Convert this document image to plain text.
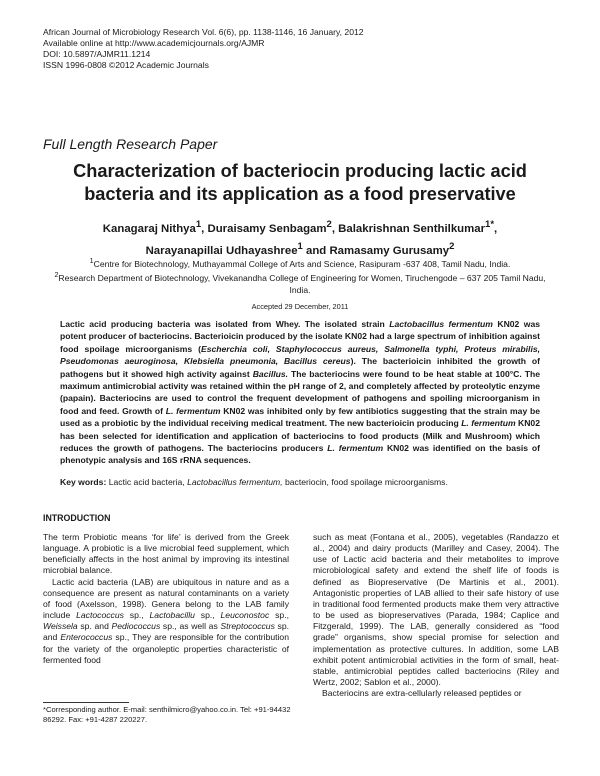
African Journal of Microbiology Research Vol. 6(6), pp. 1138-1146, 16 January, 2012
Available online at http://www.academicjournals.org/AJMR
DOI: 10.5897/AJMR11.1214
ISSN 1996-0808 ©2012 Academic Journals
Full Length Research Paper
Characterization of bacteriocin producing lactic acid
bacteria and its application as a food preservative
Kanagaraj Nithya$^1$, Duraisamy Senbagam$^2$, Balakrishnan Senthilkumar$^{1*}$,
Narayanapillai Udhayashree$^1$ and Ramasamy Gurusamy$^2$
$^1$Centre for Biotechnology, Muthayammal College of Arts and Science, Rasipuram -637 408, Tamil Nadu, India.
$^2$Research Department of Biotechnology, Vivekanandha College of Engineering for Women, Tiruchengode – 637 205 Tamil Nadu, India.
Accepted 29 December, 2011
Lactic acid producing bacteria was isolated from Whey. The isolated strain Lactobacillus fermentum KN02 was potent producer of bacteriocins. Bacterioicin produced by the isolate KN02 had a large spectrum of inhibition against food spoilage microorganisms (Escherchia coli, Staphylococcus aureus, Salmonella typhi, Proteus mirabilis, Pseudomonas aeuroginosa, Klebsiella pneumonia, Bacillus cereus). The bacterioicin inhibited the growth of pathogens but it showed high activity against Bacillus. The bacteriocins were found to be heat stable at 100°C. The maximum antimicrobial activity was retained within the pH range of 2, and completely affected by proteolytic enzyme (papain). Bacteriocins are used to control the frequent development of pathogens and spoiling microorganism in food and feed. Growth of L. fermentum KN02 was inhibited only by few antibiotics suggesting that the strain may be used as a probiotic by the individual receiving medical treatment. The new bacterioicin producing L. fermentum KN02 has been selected for identification and application of bacteriocins to food products (Milk and Mushroom) which reduces the growth of pathogens. The bacteriocins producers L. fermentum KN02 was identified on the basis of phenotypic analysis and 16S rRNA sequences.
Key words: Lactic acid bacteria, Lactobacillus fermentum, bacteriocin, food spoilage microorganisms.
INTRODUCTION

The term Probiotic means ‘for life’ is derived from the Greek language. A probiotic is a live microbial feed supplement, which beneficially affects in the host animal by improving its intestinal microbial balance.

Lactic acid bacteria (LAB) are ubiquitous in nature and as a consequence are present as natural contaminants on a variety of food (Axelsson, 1998). Genera belong to the LAB family include Lactococcus sp., Lactobacillu sp., Leuconostoc sp., Weissela sp. and Pediococcus sp., as well as Streptococcus sp. and Enterococcus sp., They are responsible for the contribution for the variety of the organoleptic properties characteristic of fermented food

such as meat (Fontana et al., 2005), vegetables (Randazzo et al., 2004) and dairy products (Marilley and Casey, 2004). The use of Lactic acid bacteria and their metabolites to improve microbiological safety and extend the shelf life of foods is defined as Biopreservative (De Martinis et al., 2001). Antagonistic properties of LAB allied to their safe history of use in traditional food fermented products make them very attractive to be used as biopreservatives (Parada, 1984; Caplice and Fitzgerald, 1999). The LAB, generally considered as “food grade” organisms, show special promise for selection and implementation as protective cultures. In addition, some LAB exhibit potent antimicrobial activities in the form of small, heat-stable, antimicrobial peptides called bacteriocins (Riley and Wertz, 2002; Sablon et al., 2000).

Bacteriocins are extra-cellularly released peptides or

*Corresponding author. E-mail: senthilmicro@yahoo.co.in. Tel: +91-94432 86292. Fax: +91-4287 220227.
